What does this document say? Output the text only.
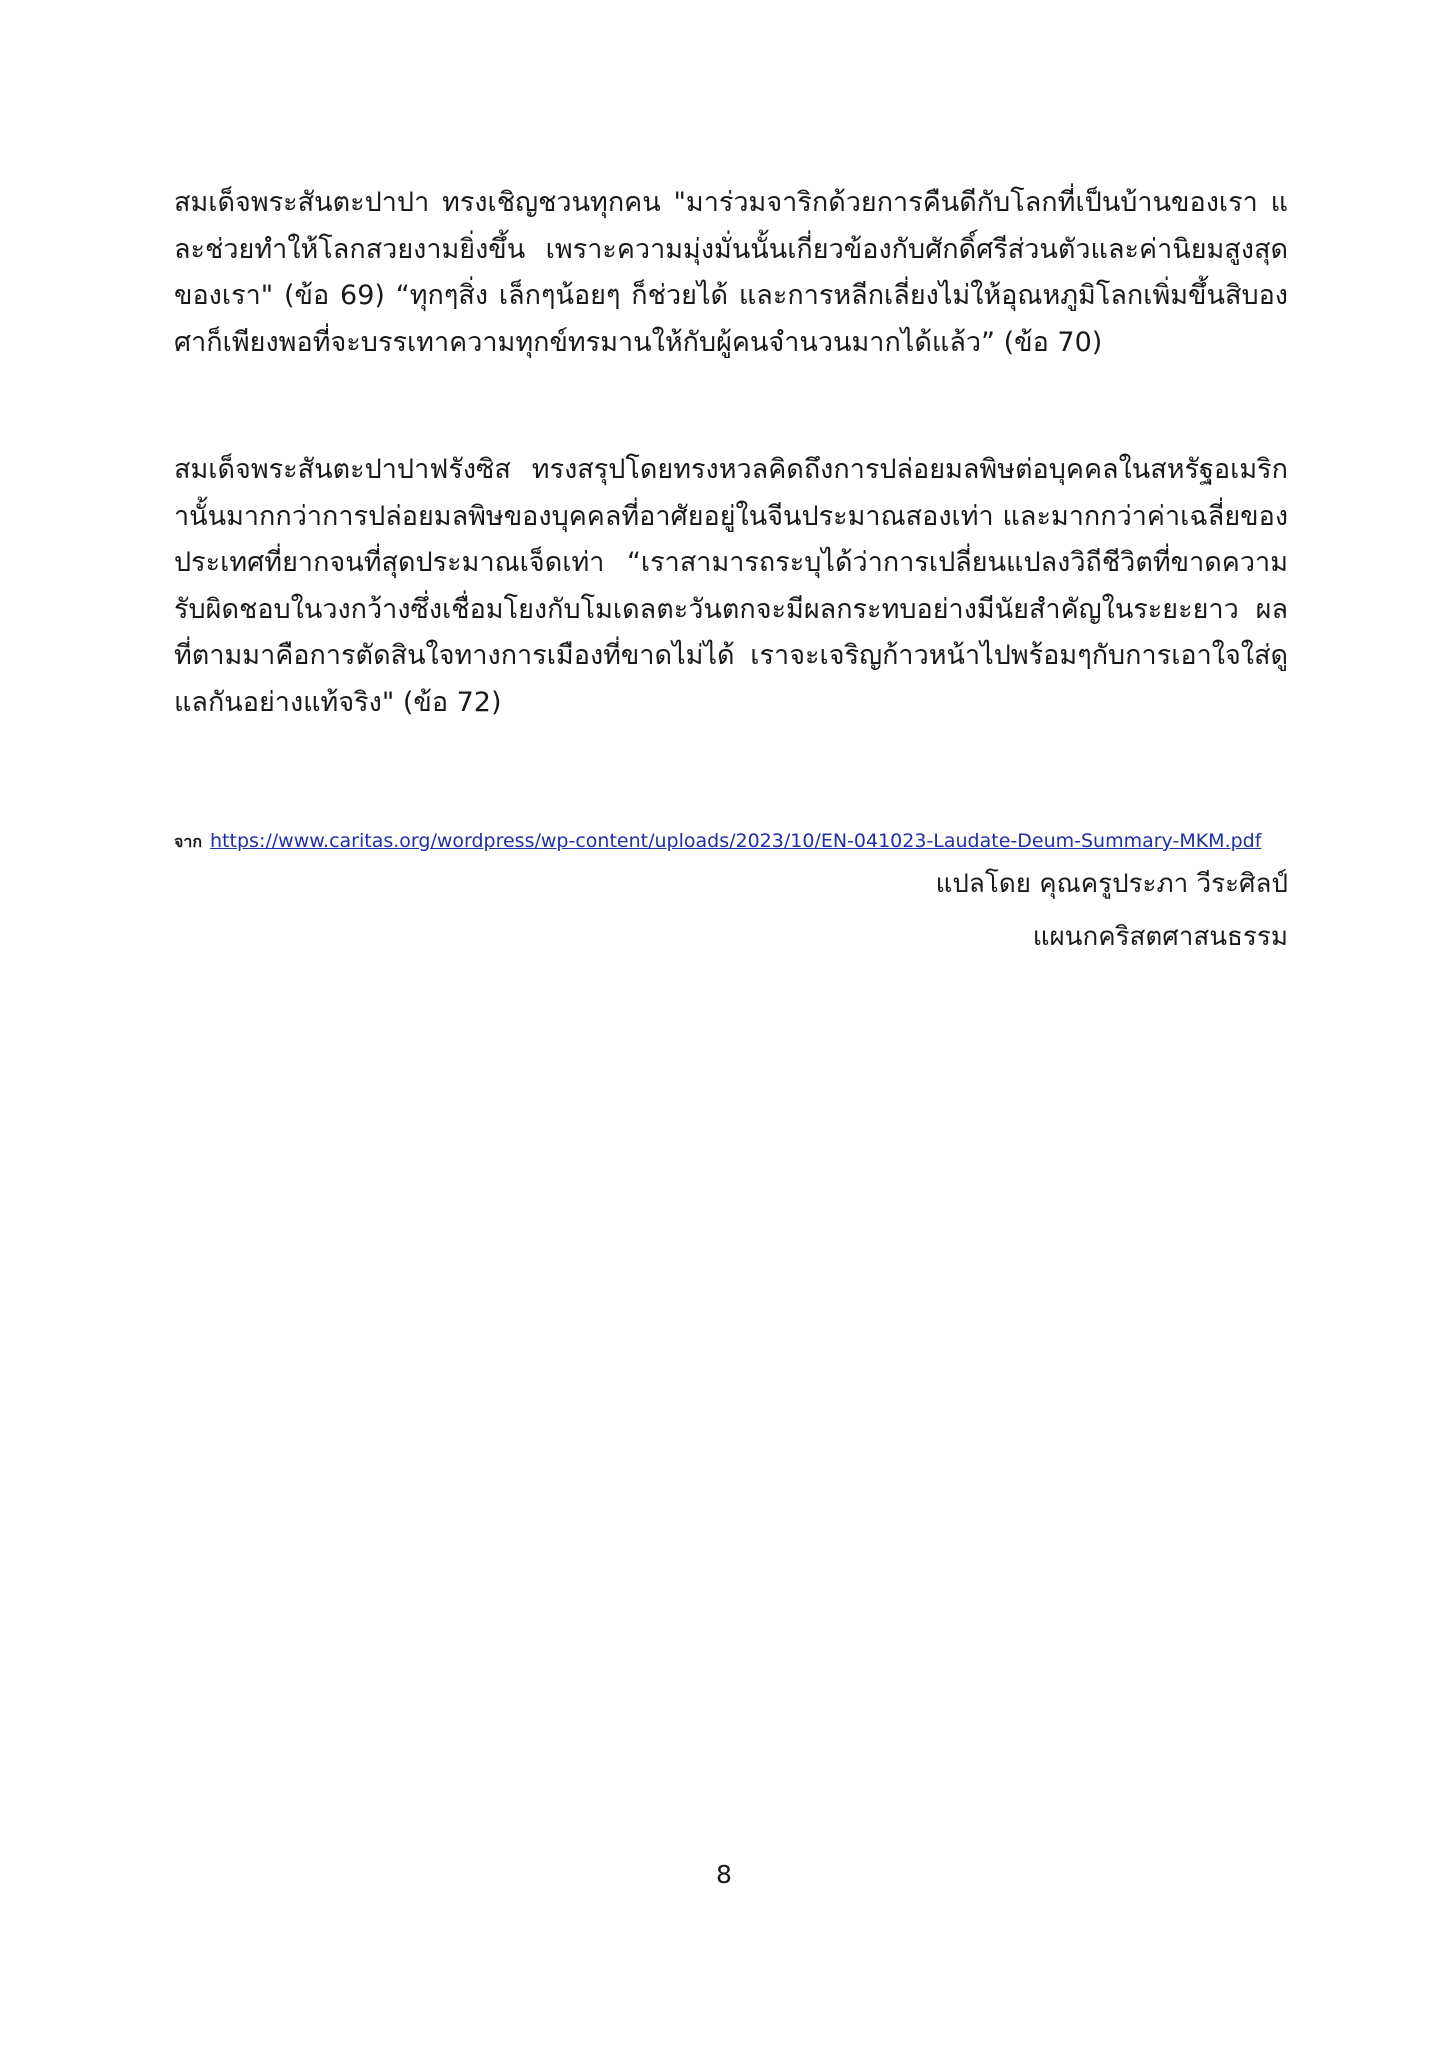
สมเด็จพระสันตะปาปา ทรงเชิญชวนทุกคน "มาร่วมจาริกด้วยการคืนดีกับโลกที่เป็นบ้านของเรา และช่วยทำให้โลกสวยงามยิ่งขึ้น เพราะความมุ่งมั่นนั้นเกี่ยวข้องกับศักดิ์ศรีส่วนตัวและค่านิยมสูงสุดของเรา" (ข้อ 69) “ทุกๆสิ่ง เล็กๆน้อยๆ ก็ช่วยได้ และการหลีกเลี่ยงไม่ให้อุณหภูมิโลกเพิ่มขึ้นสิบองศาก็เพียงพอที่จะบรรเทาความทุกข์ทรมานให้กับผู้คนจำนวนมากได้แล้ว” (ข้อ 70)

สมเด็จพระสันตะปาปาฟรังซิส ทรงสรุปโดยทรงหวลคิดถึงการปล่อยมลพิษต่อบุคคลในสหรัฐอเมริกานั้นมากกว่าการปล่อยมลพิษของบุคคลที่อาศัยอยู่ในจีนประมาณสองเท่า และมากกว่าค่าเฉลี่ยของประเทศที่ยากจนที่สุดประมาณเจ็ดเท่า “เราสามารถระบุได้ว่าการเปลี่ยนแปลงวิถีชีวิตที่ขาดความรับผิดชอบในวงกว้างซึ่งเชื่อมโยงกับโมเดลตะวันตกจะมีผลกระทบอย่างมีนัยสำคัญในระยะยาว ผลที่ตามมาคือการตัดสินใจทางการเมืองที่ขาดไม่ได้ เราจะเจริญก้าวหน้าไปพร้อมๆกับการเอาใจใส่ดูแลกันอย่างแท้จริง" (ข้อ 72)

จาก https://www.caritas.org/wordpress/wp-content/uploads/2023/10/EN-041023-Laudate-Deum-Summary-MKM.pdf
แปลโดย คุณครูประภา วีระศิลป์
แผนกคริสตศาสนธรรม
8
